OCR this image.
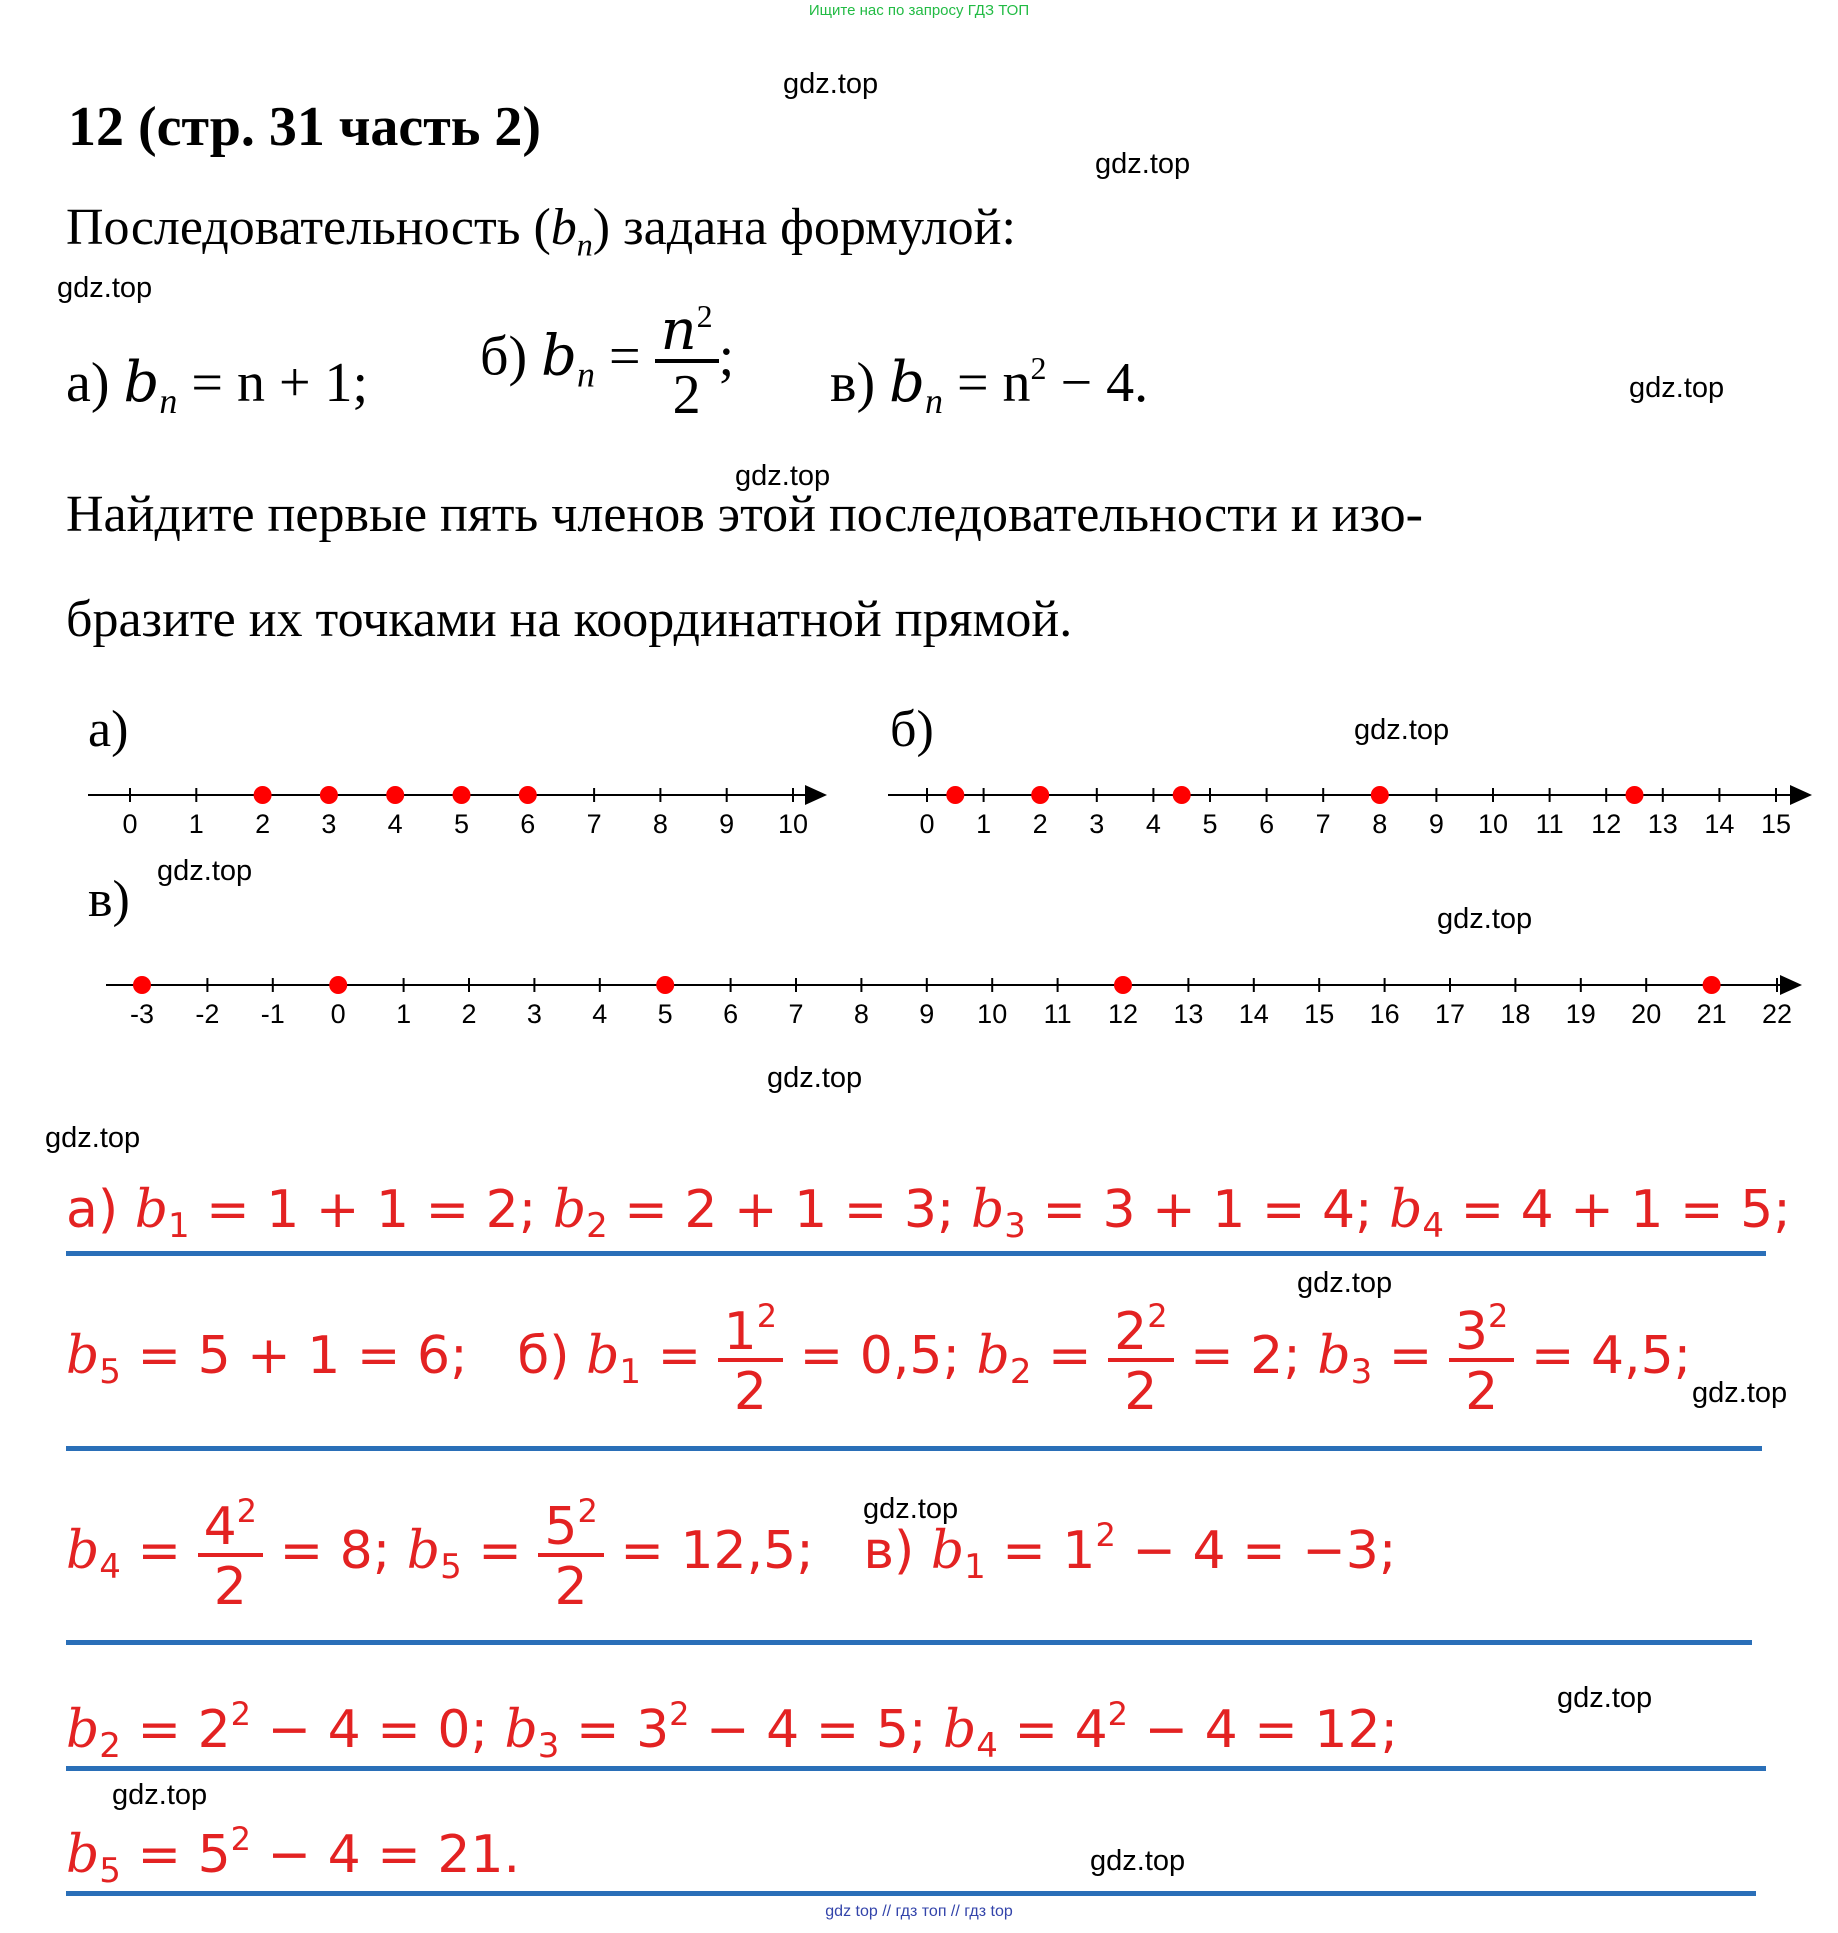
Ищите нас по запросу ГДЗ ТОП
gdz top // гдз топ // гдз top
gdz.top
gdz.top
gdz.top
gdz.top
gdz.top
gdz.top
gdz.top
gdz.top
gdz.top
gdz.top
gdz.top
gdz.top
gdz.top
gdz.top
gdz.top
gdz.top
12 (стр. 31 часть 2)
Последовательность $(b_n)$ задана формулой:
а) $b_n = n + 1$; б) $b_n = \frac{n^2}{2}$ ; в) $b_n = n^2 - 4$.
Найдите первые пять членов этой последовательности и изо-
бразите их точками на координатной прямой.
а)	б)
в)
0 1 2 3 4 5 6 7 8 9 10	0 1 2 3 4 5 6 7 8 9 10 11 12 13 14 15
-3 -2 -1 0 1 2 3 4 5 6 7 8 9 10 11 12 13 14 15 16 17 18 19 20 21 22
а) $b_1 = 1 + 1 = 2$; $b_2 = 2 + 1 = 3$; $b_3 = 3 + 1 = 4$; $b_4 = 4 + 1 = 5$;
$b_5 = 5 + 1 = 6$; б) $b_1 = \frac{1^2}{2} = 0,5$; $b_2 = \frac{2^2}{2} = 2$; $b_3 = \frac{3^2}{2} = 4,5$;
$b_4 = \frac{4^2}{2} = 8$; $b_5 = \frac{5^2}{2} = 12,5$; в) $b_1 = 1^2 - 4 = -3$;
$b_2 = 2^2 - 4 = 0$; $b_3 = 3^2 - 4 = 5$; $b_4 = 4^2 - 4 = 12$;
$b_5 = 5^2 - 4 = 21$.
